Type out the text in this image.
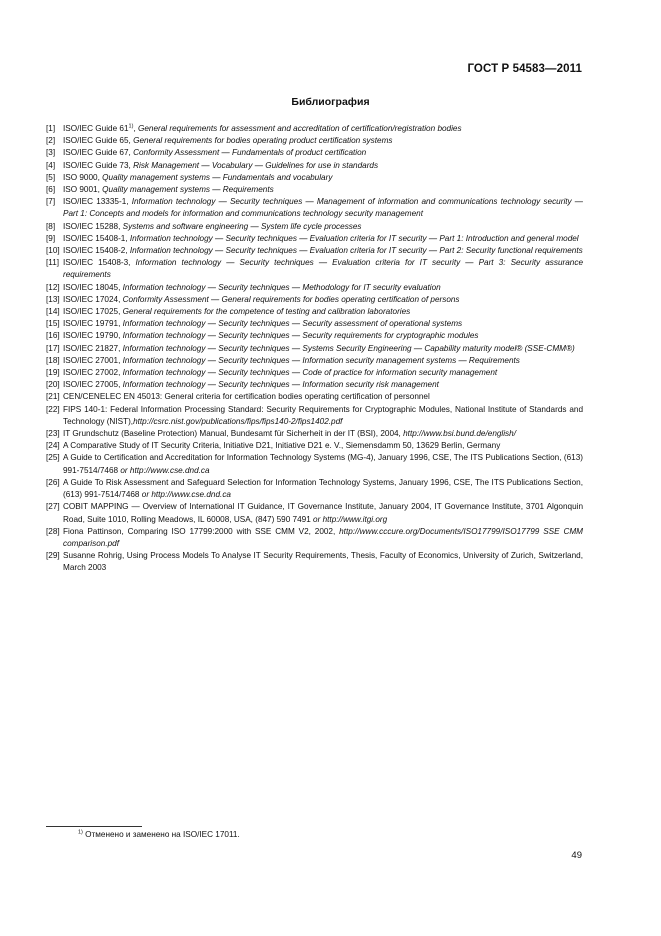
ГОСТ Р 54583—2011
Библиография
[1] ISO/IEC Guide 61$^{1)}$, General requirements for assessment and accreditation of certification/registration bodies
[2] ISO/IEC Guide 65, General requirements for bodies operating product certification systems
[3] ISO/IEC Guide 67, Conformity Assessment — Fundamentals of product certification
[4] ISO/IEC Guide 73, Risk Management — Vocabulary — Guidelines for use in standards
[5] ISO 9000, Quality management systems — Fundamentals and vocabulary
[6] ISO 9001, Quality management systems — Requirements
[7] ISO/IEC 13335-1, Information technology — Security techniques — Management of information and communications technology security — Part 1: Concepts and models for information and communications technology security management
[8] ISO/IEC 15288, Systems and software engineering — System life cycle processes
[9] ISO/IEC 15408-1, Information technology — Security techniques — Evaluation criteria for IT security — Part 1: Introduction and general model
[10] ISO/IEC 15408-2, Information technology — Security techniques — Evaluation criteria for IT security — Part 2: Security functional requirements
[11] ISO/IEC 15408-3, Information technology — Security techniques — Evaluation criteria for IT security — Part 3: Security assurance requirements
[12] ISO/IEC 18045, Information technology — Security techniques — Methodology for IT security evaluation
[13] ISO/IEC 17024, Conformity Assessment — General requirements for bodies operating certification of persons
[14] ISO/IEC 17025, General requirements for the competence of testing and calibration laboratories
[15] ISO/IEC 19791, Information technology — Security techniques — Security assessment of operational systems
[16] ISO/IEC 19790, Information technology — Security techniques — Security requirements for cryptographic modules
[17] ISO/IEC 21827, Information technology — Security techniques — Systems Security Engineering — Capability maturity model® (SSE-CMM®)
[18] ISO/IEC 27001, Information technology — Security techniques — Information security management systems — Requirements
[19] ISO/IEC 27002, Information technology — Security techniques — Code of practice for information security management
[20] ISO/IEC 27005, Information technology — Security techniques — Information security risk management
[21] CEN/CENELEC EN 45013: General criteria for certification bodies operating certification of personnel
[22] FIPS 140-1: Federal Information Processing Standard: Security Requirements for Cryptographic Modules, National Institute of Standards and Technology (NIST),http://csrc.nist.gov/publications/fips/fips140-2/fips1402.pdf
[23] IT Grundschutz (Baseline Protection) Manual, Bundesamt für Sicherheit in der IT (BSI), 2004, http://www.bsi.bund.de/english/
[24] A Comparative Study of IT Security Criteria, Initiative D21, Initiative D21 e. V., Siemensdamm 50, 13629 Berlin, Germany
[25] A Guide to Certification and Accreditation for Information Technology Systems (MG-4), January 1996, CSE, The ITS Publications Section, (613) 991-7514/7468 or http://www.cse.dnd.ca
[26] A Guide To Risk Assessment and Safeguard Selection for Information Technology Systems, January 1996, CSE, The ITS Publications Section, (613) 991-7514/7468 or http://www.cse.dnd.ca
[27] COBIT MAPPING — Overview of International IT Guidance, IT Governance Institute, January 2004, IT Governance Institute, 3701 Algonquin Road, Suite 1010, Rolling Meadows, IL 60008, USA, (847) 590 7491 or http://www.itgi.org
[28] Fiona Pattinson, Comparing ISO 17799:2000 with SSE CMM V2, 2002, http://www.cccure.org/Documents/ISO17799/ISO17799 SSE CMM comparison.pdf
[29] Susanne Rohrig, Using Process Models To Analyse IT Security Requirements, Thesis, Faculty of Economics, University of Zurich, Switzerland, March 2003
$^{1)}$ Отменено и заменено на ISO/IEC 17011.
49
